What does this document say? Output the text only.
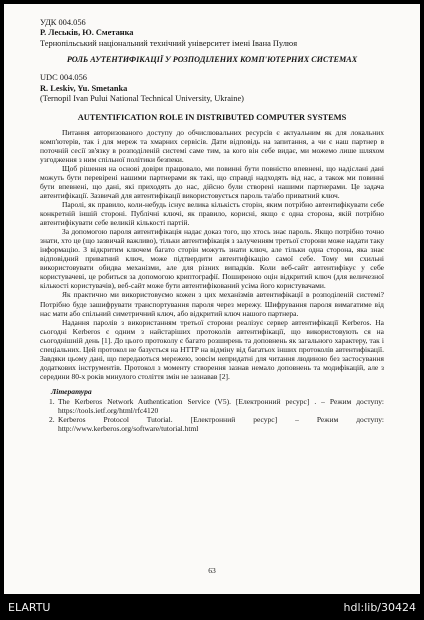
УДК 004.056
Р. Леськів, Ю. Сметанка
Тернопільський національний технічний університет імені Івана Пулюя
РОЛЬ АУТЕНТИФІКАЦІЇ У РОЗПОДІЛЕНИХ КОМП'ЮТЕРНИХ СИСТЕМАХ
UDC 004.056
R. Leskiv, Yu. Smetanka
(Ternopil Ivan Pului National Technical University, Ukraine)
AUTENTIFICATION ROLE IN DISTRIBUTED COMPUTER SYSTEMS

Питання авторизованого доступу до обчислювальних ресурсів є актуальним як для локальних комп'ютерів, так і для мереж та хмарних сервісів. Дати відповідь на запитання, а чи є наш партнер в поточній сесії зв'язку в розподіленій системі саме тим, за кого він себе видає, ми можемо лише шляхом узгодження з ним спільної політики безпеки.

Щоб рішення на основі довіри працювало, ми повинні бути повністю впевнені, що надіслані дані можуть бути перевірені нашими партнерами як такі, що справді надходять від нас, а також ми повинні бути впевнені, що дані, які приходять до нас, дійсно були створені нашими партнерами. Це задача автентифікації. Зазвичай для автентифікації використовується пароль та/або приватний ключ.

Паролі, як правило, коли-небудь існує велика кількість сторін, яким потрібно автентифікувати себе конкретній іншій стороні. Публічні ключі, як правило, корисні, якщо є одна сторона, якій потрібно автентифікувати себе великій кількості партій.

За допомогою пароля автентифікація надає доказ того, що хтось знає пароль. Якщо потрібно точно знати, хто це (що зазвичай важливо), тільки автентифікація з залученням третьої сторони може надати таку інформацію. З відкритим ключем багато сторін можуть знати ключ, але тільки одна сторона, яка знає відповідний приватний ключ, може підтвердити автентифікацію самої себе. Тому ми схильні використовувати обидва механізми, але для різних випадків. Коли веб-сайт автентифікує у себе користувачеві, це робиться за допомогою криптографії. Поширеною оцін відкритий ключ (для величезної кількості користувачів), веб-сайт може бути автентифікований усіма його користувачами.

Як практично ми використовуємо кожен з цих механізмів автентифікації в розподіленій системі? Потрібно буде зашифрувати транспортування пароля через мережу. Шифрування пароля вимагатиме від нас мати або спільний симетричний ключ, або відкритий ключ нашого партнера.

Надання паролів з використанням третьої сторони реалізує сервер автентифікації Kerberos. На сьогодні Kerberos є одним з найстаріших протоколів автентифікації, що використовують ся на сьогоднішній день [1]. До цього протоколу є багато розширень та доповнень як загального характеру, так і спеціальних. Цей протокол не базується на HTTP на відміну від багатьох інших протоколів автентифікації. Завдяки цьому дані, що передаються мережею, зовсім непридатні для читання людиною без застосування додаткових інструментів. Протокол з моменту створення зазнав немало доповнень та модифікацій, але з середини 80-х років минулого століття змін не зазнавав [2].

Література
1. The Kerberos Network Authentication Service (V5). [Електронний ресурс] . – Режим доступу: https://tools.ietf.org/html/rfc4120
2. Kerberos Protocol Tutorial. [Електронний ресурс] – Режим доступу: http://www.kerberos.org/software/tutorial.html
63
ELARTU	hdl:lib/30424
